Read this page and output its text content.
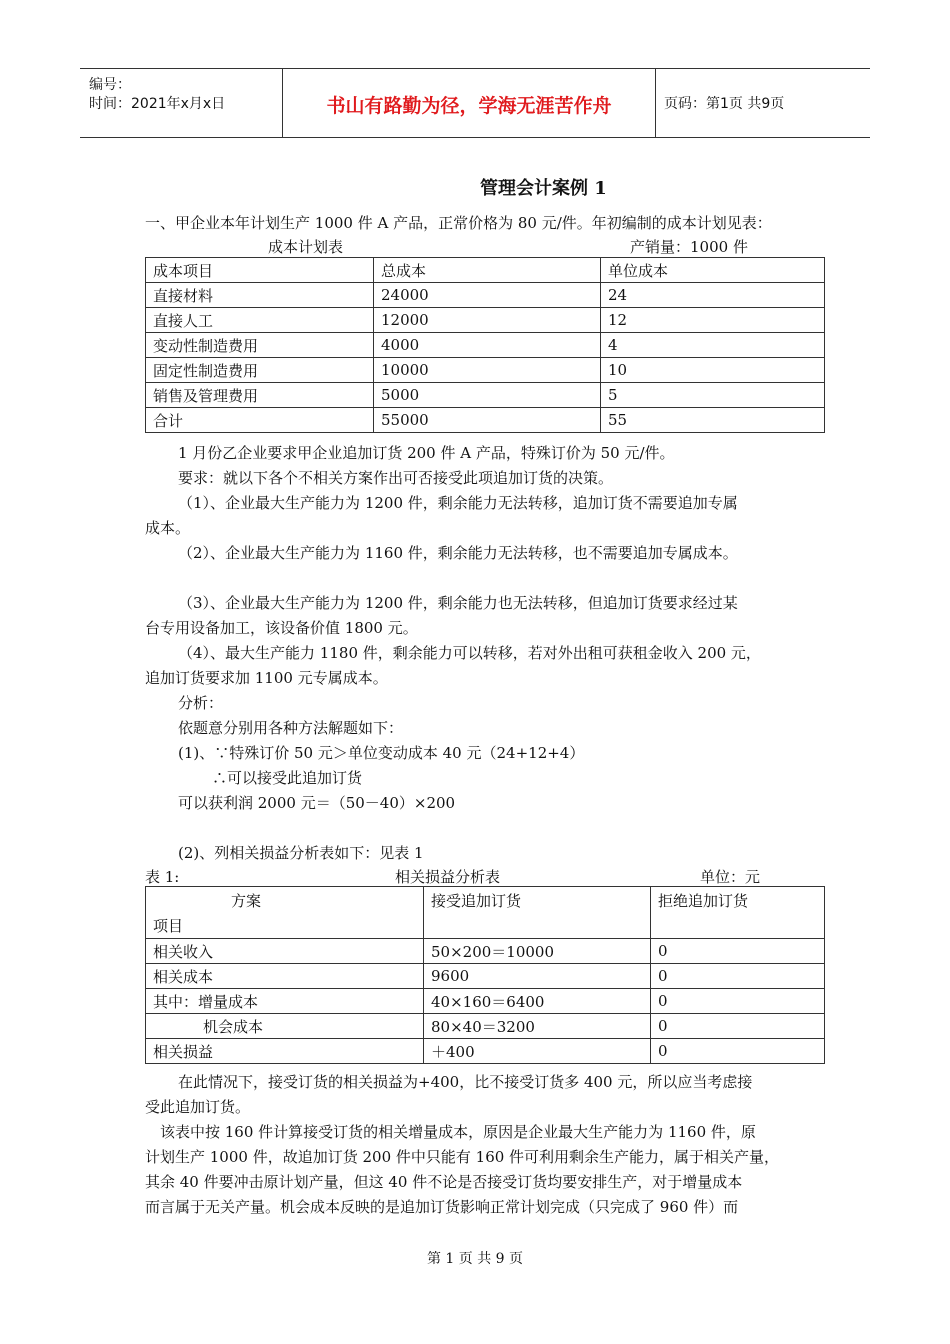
编号：
时间：2021年x月x日	书山有路勤为径，学海无涯苦作舟	页码：第1页 共9页
管理会计案例 1
一、甲企业本年计划生产 1000 件 A 产品，正常价格为 80 元/件。年初编制的成本计划见表：
成本计划表	产销量：1000 件
成本项目	总成本	单位成本
直接材料	24000	24
直接人工	12000	12
变动性制造费用	4000	4
固定性制造费用	10000	10
销售及管理费用	5000	5
合计	55000	55
1 月份乙企业要求甲企业追加订货 200 件 A 产品，特殊订价为 50 元/件。
要求：就以下各个不相关方案作出可否接受此项追加订货的决策。
（1）、企业最大生产能力为 1200 件，剩余能力无法转移，追加订货不需要追加专属
成本。
（2）、企业最大生产能力为 1160 件，剩余能力无法转移，也不需要追加专属成本。
（3）、企业最大生产能力为 1200 件，剩余能力也无法转移，但追加订货要求经过某
台专用设备加工，该设备价值 1800 元。
（4）、最大生产能力 1180 件，剩余能力可以转移，若对外出租可获租金收入 200 元，
追加订货要求加 1100 元专属成本。
分析：
依题意分别用各种方法解题如下：
(1)、∵特殊订价 50 元＞单位变动成本 40 元（24+12+4）
∴可以接受此追加订货
可以获利润 2000 元＝（50－40）×200
(2)、列相关损益分析表如下：见表 1
表 1:	相关损益分析表	单位：元
方案
项目	接受追加订货	拒绝追加订货
相关收入	50×200＝10000	0
相关成本	9600	0
其中：增量成本	40×160＝6400	0
机会成本	80×40＝3200	0
相关损益	＋400	0
在此情况下，接受订货的相关损益为+400，比不接受订货多 400 元，所以应当考虑接
受此追加订货。
该表中按 160 件计算接受订货的相关增量成本，原因是企业最大生产能力为 1160 件，原
计划生产 1000 件，故追加订货 200 件中只能有 160 件可利用剩余生产能力，属于相关产量，
其余 40 件要冲击原计划产量，但这 40 件不论是否接受订货均要安排生产，对于增量成本
而言属于无关产量。机会成本反映的是追加订货影响正常计划完成（只完成了 960 件）而
第 1 页 共 9 页
